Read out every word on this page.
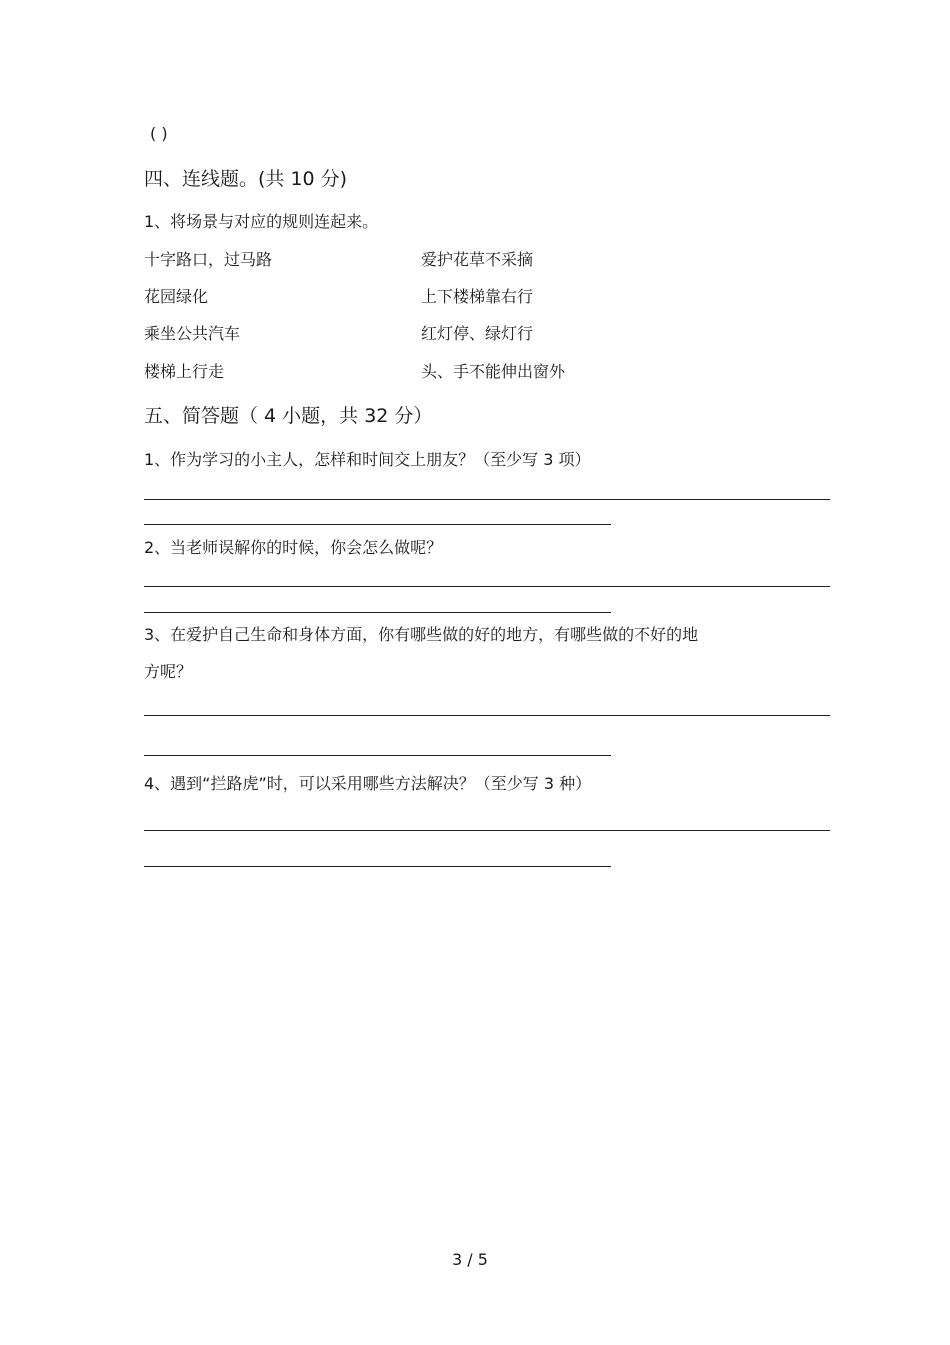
( )
四、连线题。(共 10 分)
1、将场景与对应的规则连起来。
十字路口，过马路
花园绿化
乘坐公共汽车
楼梯上行走
爱护花草不采摘
上下楼梯靠右行
红灯停、绿灯行
头、手不能伸出窗外
五、简答题（ 4 小题，共 32 分）
1、作为学习的小主人，怎样和时间交上朋友？（至少写 3 项）
2、当老师误解你的时候，你会怎么做呢？
3、在爱护自己生命和身体方面，你有哪些做的好的地方，有哪些做的不好的地
方呢？
4、遇到“拦路虎”时，可以采用哪些方法解决？（至少写 3 种）
3 / 5
